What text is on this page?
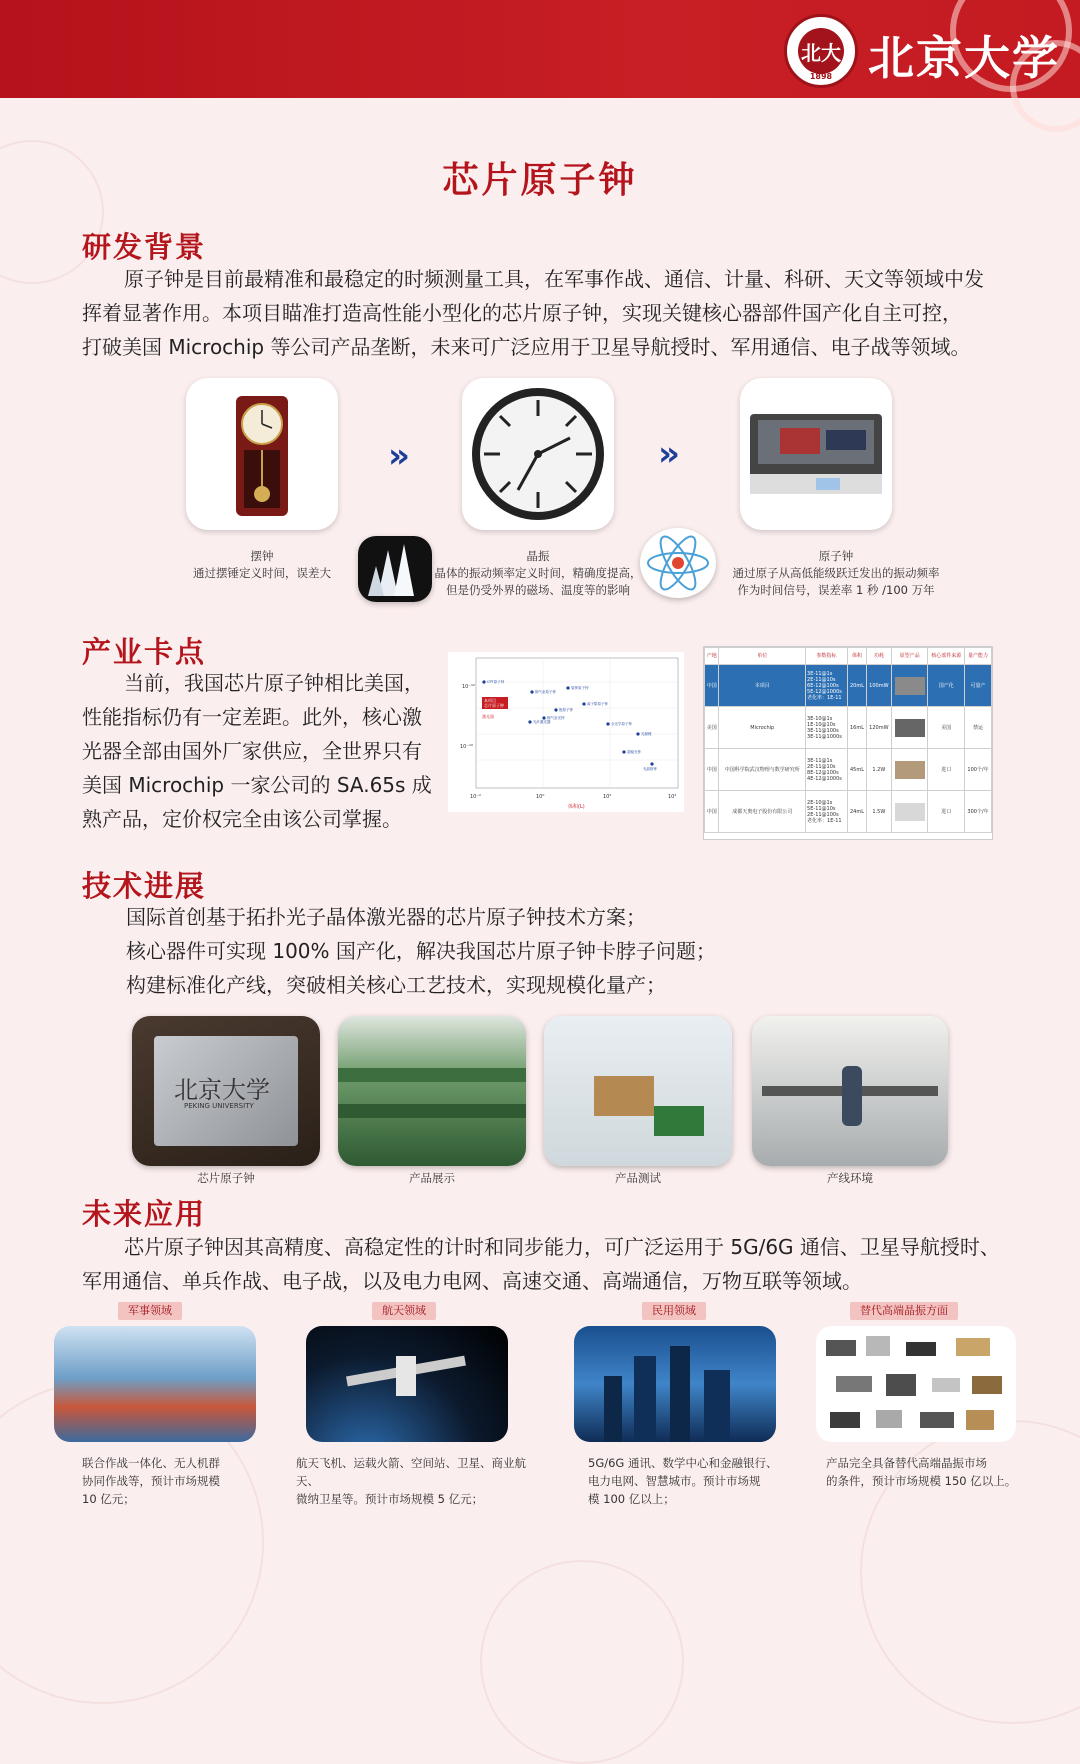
北大
1898 北京大学
芯片原子钟
研发背景
原子钟是目前最精准和最稳定的时频测量工具，在军事作战、通信、计量、科研、天文等领域中发
挥着显著作用。本项目瞄准打造高性能小型化的芯片原子钟，实现关键核心器部件国产化自主可控，
打破美国 Microchip 等公司产品垄断，未来可广泛应用于卫星导航授时、军用通信、电子战等领域。
»	»
摆钟
通过摆锤定义时间，误差大
晶振
晶体的振动频率定义时间，精确度提高，
但是仍受外界的磁场、温度等的影响
原子钟
通过原子从高低能级跃迁发出的振动频率
作为时间信号，误差率 1 秒 /100 万年
产业卡点
当前，我国芯片原子钟相比美国，
性能指标仍有一定差距。此外，核心激
光器全部由国外厂家供应，全世界只有
美国 Microchip 一家公司的 SA.65s 成
熟产品，定价权完全由该公司掌握。
本项目
芯片原子钟
激光器
CPT原子钟
铷气室原子钟
氢钟原子钟
铯原子钟
离子阱原子钟
铷气室光钟
光纤激光器	全光学原子钟
光频梳
超稳光钟
光晶格钟
10⁻¹²
10⁻¹⁰
10⁻²	10⁰	10²	10⁴
体积(L)
产地	单位	参数指标	体积	功耗	原型产品	核心部件来源	量产能力
中国	本项目	3E-11@1s
2E-11@10s
6E-12@100s
5E-12@1000s
老化率：1E-11	20mL	100mW		国产化	可量产
美国	Microchip	3E-10@1s
1E-10@10s
3E-11@100s
3E-11@1000s	16mL	120mW		美国	禁运
中国	中国科学院武汉物理与数学研究所	3E-11@1s
2E-11@10s
8E-12@100s
4E-12@1000s	45mL	1.2W		进口	100个/年
中国	成都天奥电子股份有限公司	2E-10@1s
5E-11@10s
2E-11@100s
老化率：1E-11	24mL	1.5W		进口	300个/年
技术进展
国际首创基于拓扑光子晶体激光器的芯片原子钟技术方案；
核心器件可实现 100% 国产化，解决我国芯片原子钟卡脖子问题；
构建标准化产线，突破相关核心工艺技术，实现规模化量产；
北京大学
PEKING UNIVERSITY
芯片原子钟	产品展示	产品测试	产线环境
未来应用
芯片原子钟因其高精度、高稳定性的计时和同步能力，可广泛运用于 5G/6G 通信、卫星导航授时、
军用通信、单兵作战、电子战，以及电力电网、高速交通、高端通信，万物互联等领域。
军事领域	航天领域	民用领域	替代高端晶振方面
联合作战一体化、无人机群
协同作战等，预计市场规模
10 亿元；
航天飞机、运载火箭、空间站、卫星、商业航天、
微纳卫星等。预计市场规模 5 亿元；
5G/6G 通讯、数学中心和金融银行、
电力电网、智慧城市。预计市场规
模 100 亿以上；
产品完全具备替代高端晶振市场
的条件，预计市场规模 150 亿以上。
